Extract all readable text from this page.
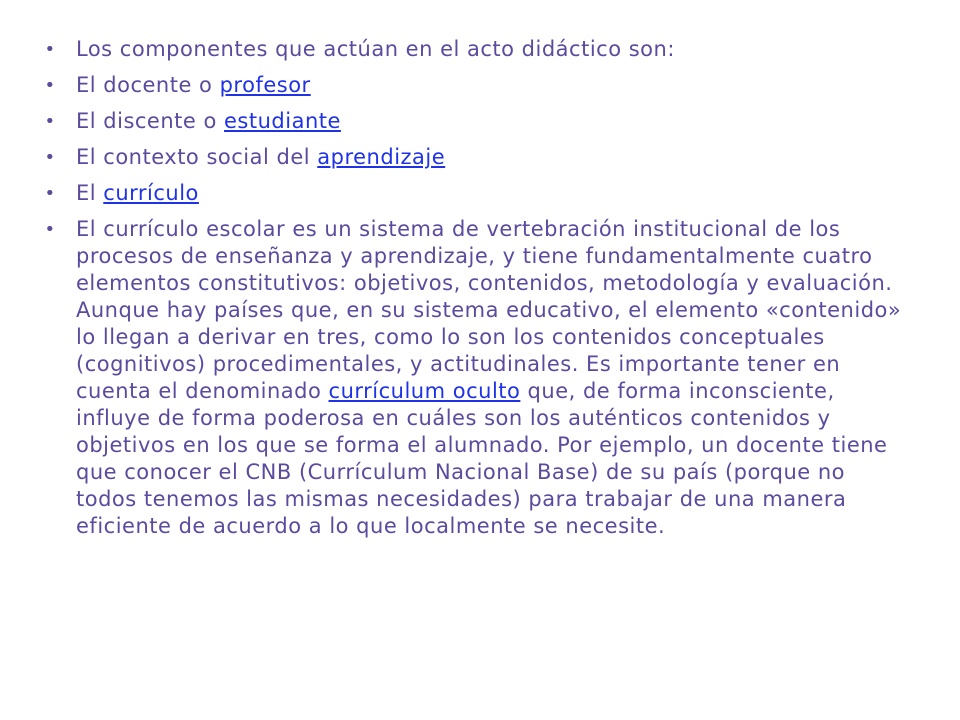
• Los componentes que actúan en el acto didáctico son:
• El docente o profesor
• El discente o estudiante
• El contexto social del aprendizaje
• El currículo
• El currículo escolar es un sistema de vertebración institucional de los procesos de enseñanza y aprendizaje, y tiene fundamentalmente cuatro elementos constitutivos: objetivos, contenidos, metodología y evaluación. Aunque hay países que, en su sistema educativo, el elemento «contenido» lo llegan a derivar en tres, como lo son los contenidos conceptuales (cognitivos) procedimentales, y actitudinales. Es importante tener en cuenta el denominado currículum oculto que, de forma inconsciente, influye de forma poderosa en cuáles son los auténticos contenidos y objetivos en los que se forma el alumnado. Por ejemplo, un docente tiene que conocer el CNB (Currículum Nacional Base) de su país (porque no todos tenemos las mismas necesidades) para trabajar de una manera eficiente de acuerdo a lo que localmente se necesite.
